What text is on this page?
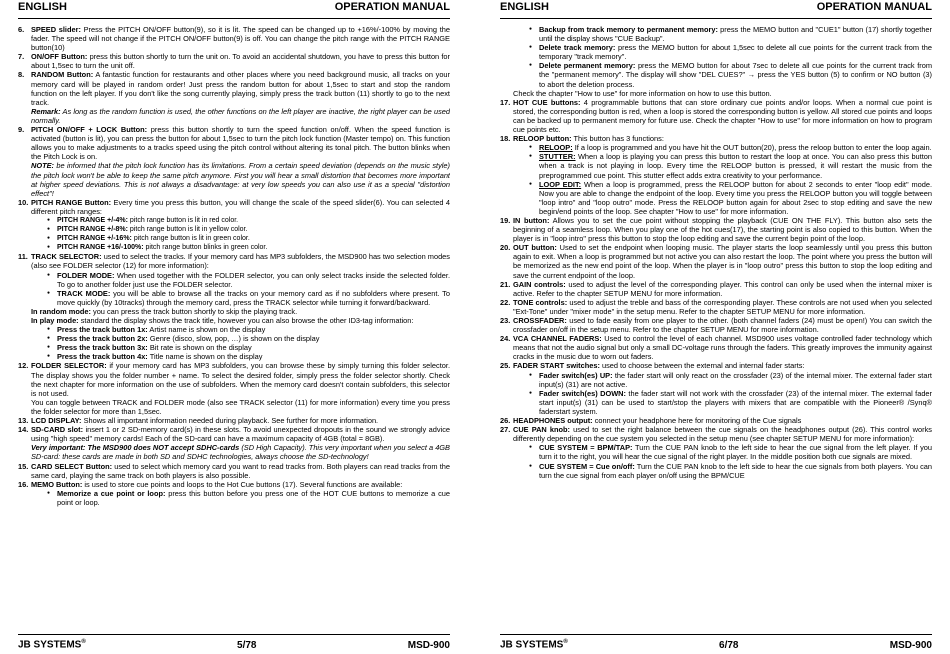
ENGLISH	OPERATION MANUAL
6. SPEED slider: Press the PITCH ON/OFF button(9), so it is lit. The speed can be changed up to +16%/-100% by moving the fader. The speed will not change if the PITCH ON/OFF button(9) is off. You can change the pitch range with the PITCH RANGE button(10)
7. ON/OFF Button: press this button shortly to turn the unit on. To avoid an accidental shutdown, you have to press this button for about 1,5sec to turn the unit off.
8. RANDOM Button: A fantastic function for restaurants and other places where you need background music, all tracks on your memory card will be played in random order! Just press the random button for about 1,5sec to start and stop the random function on the left player. If you don't like the song currently playing, simply press the track button (11) shortly to go to the next track.
Remark: As long as the random function is used, the other functions on the left player are inactive, the right player can be used normally.
9. PITCH ON/OFF + LOCK Button: press this button shortly to turn the speed function on/off. When the speed function is activated (button is lit), you can press the button for about 1,5sec to turn the pitch lock function (Master tempo) on. This function allows you to make adjustments to a tracks speed using the pitch control without altering its tonal pitch. The button blinks when the Pitch Lock is on.
NOTE: be informed that the pitch lock function has its limitations. From a certain speed deviation (depends on the music style) the pitch lock won't be able to keep the same pitch anymore. First you will hear a small distortion that becomes more important at higher speed deviations. This is not always a disadvantage: at very low speeds you can also use it as a special "distortion effect"!
10. PITCH RANGE Button: Every time you press this button, you will change the scale of the speed slider(6). You can selected 4 different pitch ranges:
● PITCH RANGE +/-4%: pitch range button is lit in red color.
● PITCH RANGE +/-8%: pitch range button is lit in yellow color.
● PITCH RANGE +/-16%: pitch range button is lit in green color.
● PITCH RANGE +16/-100%: pitch range button blinks in green color.
11. TRACK SELECTOR: used to select the tracks. If your memory card has MP3 subfolders, the MSD900 has two selection modes (also see FOLDER selector (12) for more information):
● FOLDER MODE: When used together with the FOLDER selector, you can only select tracks inside the selected folder. To go to another folder just use the FOLDER selector.
● TRACK MODE: you will be able to browse all the tracks on your memory card as if no subfolders where present. To move quickly (by 10tracks) through the memory card, press the TRACK selector while turning it forward/backward.
In random mode: you can press the track button shortly to skip the playing track.
In play mode: standard the display shows the track title, however you can also browse the other ID3-tag information:
● Press the track button 1x: Artist name is shown on the display
● Press the track button 2x: Genre (disco, slow, pop, …) is shown on the display
● Press the track button 3x: Bit rate is shown on the display
● Press the track button 4x: Title name is shown on the display
12. FOLDER SELECTOR: if your memory card has MP3 subfolders, you can browse these by simply turning this folder selector. The display shows you the folder number + name. To select the desired folder, simply press the folder selector shortly. Check the next chapter for more information on the use of subfolders. When the memory card doesn't contain subfolders, this selector is not used.
You can toggle between TRACK and FOLDER mode (also see TRACK selector (11) for more information) every time you press the folder selector for more than 1,5sec.
13. LCD DISPLAY: Shows all important information needed during playback. See further for more information.
14. SD-CARD slot: insert 1 or 2 SD-memory card(s) in these slots. To avoid unexpected dropouts in the sound we strongly advice using "high speed" memory cards! Each of the SD-card can have a maximum capacity of 4GB (total = 8GB).
Very important: The MSD900 does NOT accept SDHC-cards (SD High Capacity). This very important when you select a 4GB SD-card: these cards are made in both SD and SDHC technologies, always choose the SD-technology!
15. CARD SELECT Button: used to select which memory card you want to read tracks from. Both players can read tracks from the same card, playing the same track on both players is also possible.
16. MEMO Button: is used to store cue points and loops to the Hot Cue buttons (17). Several functions are available:
● Memorize a cue point or loop: press this button before you press one of the HOT CUE buttons to memorize a cue point or loop.
JB SYSTEMS®	5/78	MSD-900
ENGLISH	OPERATION MANUAL
● Backup from track memory to permanent memory: press the MEMO button and "CUE1" button (17) shortly together until the display shows "CUE Backup".
● Delete track memory: press the MEMO button for about 1,5sec to delete all cue points for the current track from the temporary "track memory".
● Delete permanent memory: press the MEMO button for about 7sec to delete all cue points for the current track from the "permanent memory". The display will show "DEL CUES?" → press the YES button (5) to confirm or NO button (3) to abort the deletion process.
Check the chapter "How to use" for more information on how to use this button.
17. HOT CUE buttons: 4 programmable buttons that can store ordinary cue points and/or loops. When a normal cue point is stored, the corresponding button is red, when a loop is stored the corresponding button is yellow. All stored cue points and loops can be backed up to permanent memory for future use. Check the chapter "How to use" for more information on how to program cue points etc.
18. RELOOP button: This button has 3 functions:
● RELOOP: If a loop is programmed and you have hit the OUT button(20), press the reloop button to enter the loop again.
● STUTTER: When a loop is playing you can press this button to restart the loop at once. You can also press this button when a track is not playing in loop. Every time the RELOOP button is pressed, it will restart the music from the preprogrammed cue point. This stutter effect adds extra creativity to your performance.
● LOOP EDIT: When a loop is programmed, press the RELOOP button for about 2 seconds to enter "loop edit" mode. Now you are able to change the endpoint of the loop. Every time you press the RELOOP button you will toggle between "loop intro" and "loop outro" mode. Press the RELOOP button again for about 2sec to stop editing and save the new begin/end points of the loop. See chapter "How to use" for more information.
19. IN button: Allows you to set the cue point without stopping the playback (CUE ON THE FLY). This button also sets the beginning of a seamless loop. When you play one of the hot cues(17), the starting point is also copied to this button. When the player is in "loop intro" press this button to stop the loop editing and save the current begin point of the loop.
20. OUT button: Used to set the endpoint when looping music. The player starts the loop seamlessly until you press this button again to exit. When a loop is programmed but not active you can also restart the loop. The point where you press the button will be memorized as the new end point of the loop. When the player is in "loop outro" press this button to stop the loop editing and save the current endpoint of the loop.
21. GAIN controls: used to adjust the level of the corresponding player. This control can only be used when the internal mixer is active. Refer to the chapter SETUP MENU for more information.
22. TONE controls: used to adjust the treble and bass of the corresponding player. These controls are not used when you selected "Ext-Tone" under "mixer mode" in the setup menu. Refer to the chapter SETUP MENU for more information.
23. CROSSFADER: used to fade easily from one player to the other. (both channel faders (24) must be open!) You can switch the crossfader on/off in the setup menu. Refer to the chapter SETUP MENU for more information.
24. VCA CHANNEL FADERS: Used to control the level of each channel. MSD900 uses voltage controlled fader technology which means that not the audio signal but only a small DC-voltage runs through the faders. This greatly improves the immunity against cracks in the music due to worn out faders.
25. FADER START switches: used to choose between the external and internal fader starts:
● Fader switch(es) UP: the fader start will only react on the crossfader (23) of the internal mixer. The external fader start input(s) (31) are not active.
● Fader switch(es) DOWN: the fader start will not work with the crossfader (23) of the internal mixer. The external fader start input(s) (31) can be used to start/stop the players with mixers that are compatible with the Pioneer® /Synq® faderstart system.
26. HEADPHONES output: connect your headphone here for monitoring of the Cue signals
27. CUE PAN knob: used to set the right balance between the cue signals on the headphones output (26). This control works differently depending on the cue system you selected in the setup menu (see chapter SETUP MENU for more information):
● CUE SYSTEM = BPM/TAP: Turn the CUE PAN knob to the left side to hear the cue signal from the left player. If you turn it to the right, you will hear the cue signal of the right player. In the middle position both cue signals are mixed.
● CUE SYSTEM = Cue on/off: Turn the CUE PAN knob to the left side to hear the cue signals from both players. You can turn the cue signal from each player on/off using the BPM/CUE
JB SYSTEMS®	6/78	MSD-900
